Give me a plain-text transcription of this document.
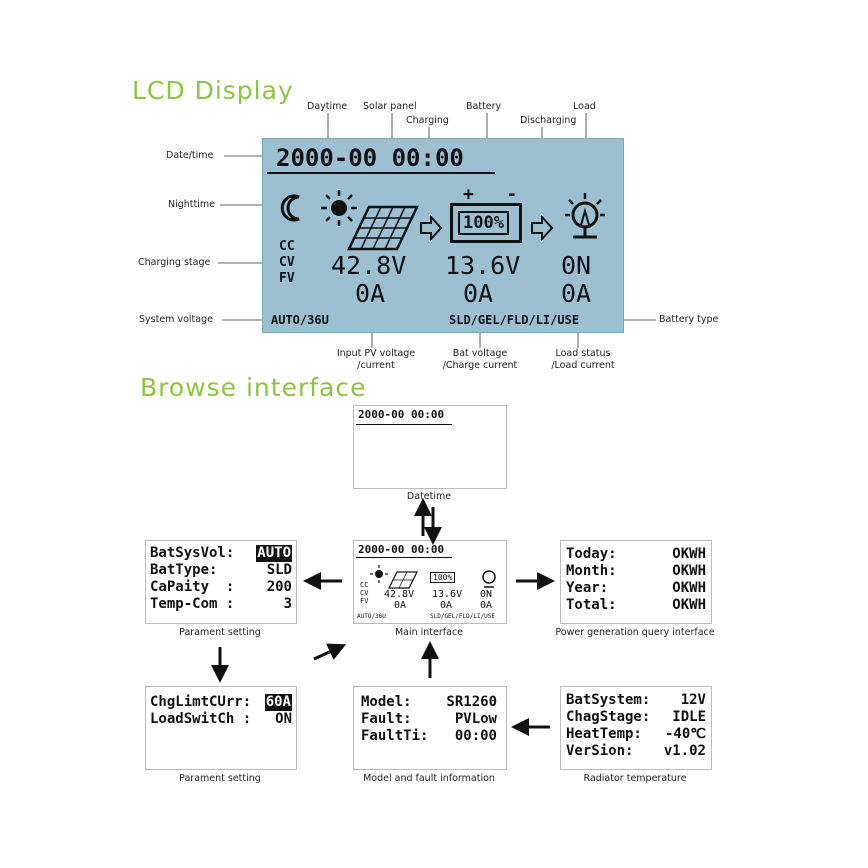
LCD Display
Browse interface
Daytime Solar panel
Charging
Battery
Discharging
Load
Date/time
Nighttime
Charging stage
System voltage	Battery type
Input PV voltage
/current
Bat voltage
/Charge current
Load status
/Load current
2000-00 00:00
100%
+   -
CC
CV
FV 42.8V
0A
13.6V
0A
0N
0A
AUTO/36U	SLD/GEL/FLD/LI/USE
2000-00 00:00
Datetime
2000-00 00:00
CC
CV
FV
100%
42.8V
0A
13.6V
0A
0N
0A
AUTO/36U	SLD/GEL/FLD/LI/USE
Main interface
BatSysVol: AUTO
BatType:	SLD
CaPaity  : 200
Temp-Com :	3
Parament setting
Today:	OKWH
Month:	OKWH
Year:	OKWH
Total:	OKWH
Power generation query interface
ChgLimtCUrr: 60A
LoadSwitCh : ON
Parament setting
Model: SR1260
Fault:	PVLow
FaultTi: 00:00
Model and fault information
BatSystem: 12V
ChagStage: IDLE
HeatTemp: -40℃
VerSion: v1.02
Radiator temperature
